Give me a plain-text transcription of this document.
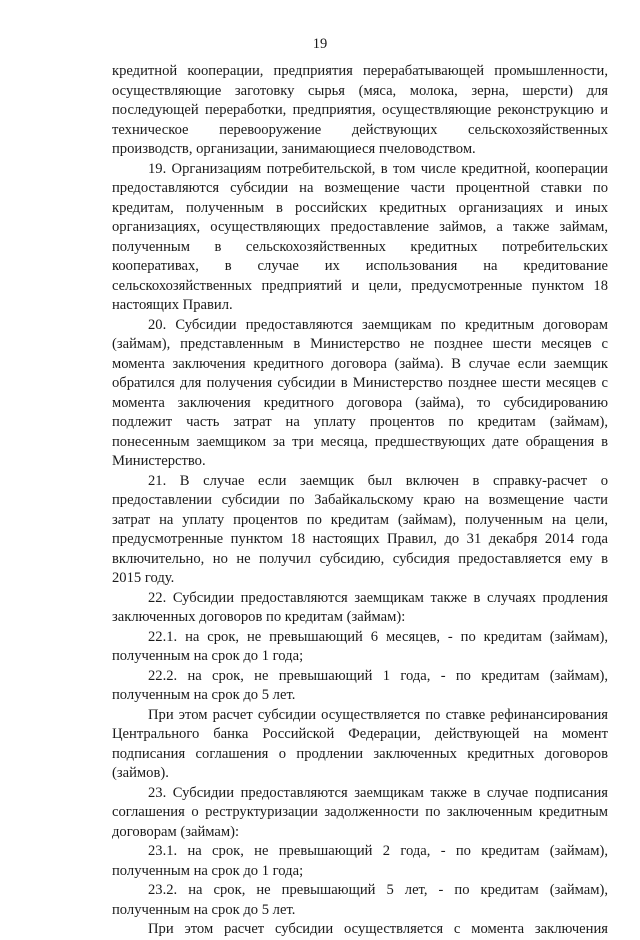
19

кредитной кооперации, предприятия перерабатывающей промышленности,
осуществляющие заготовку сырья (мяса, молока, зерна, шерсти) для
последующей переработки, предприятия, осуществляющие реконструкцию и
техническое перевооружение действующих сельскохозяйственных
производств, организации, занимающиеся пчеловодством.
19. Организациям потребительской, в том числе кредитной, кооперации
предоставляются субсидии на возмещение части процентной ставки по
кредитам, полученным в российских кредитных организациях и иных
организациях, осуществляющих предоставление займов, а также займам,
полученным в сельскохозяйственных кредитных потребительских
кооперативах, в случае их использования на кредитование
сельскохозяйственных предприятий и цели, предусмотренные пунктом 18
настоящих Правил.
20. Субсидии предоставляются заемщикам по кредитным договорам
(займам), представленным в Министерство не позднее шести месяцев с
момента заключения кредитного договора (займа). В случае если заемщик
обратился для получения субсидии в Министерство позднее шести месяцев с
момента заключения кредитного договора (займа), то субсидированию
подлежит часть затрат на уплату процентов по кредитам (займам),
понесенным заемщиком за три месяца, предшествующих дате обращения в
Министерство.
21. В случае если заемщик был включен в справку-расчет о
предоставлении субсидии по Забайкальскому краю на возмещение части
затрат на уплату процентов по кредитам (займам), полученным на цели,
предусмотренные пунктом 18 настоящих Правил, до 31 декабря 2014 года
включительно, но не получил субсидию, субсидия предоставляется ему в
2015 году.
22. Субсидии предоставляются заемщикам также в случаях продления
заключенных договоров по кредитам (займам):
22.1. на срок, не превышающий 6 месяцев, - по кредитам (займам),
полученным на срок до 1 года;
22.2. на срок, не превышающий 1 года, - по кредитам (займам),
полученным на срок до 5 лет.
При этом расчет субсидии осуществляется по ставке рефинансирования
Центрального банка Российской Федерации, действующей на момент
подписания соглашения о продлении заключенных кредитных договоров
(займов).
23. Субсидии предоставляются заемщикам также в случае подписания
соглашения о реструктуризации задолженности по заключенным кредитным
договорам (займам):
23.1. на срок, не превышающий 2 года, - по кредитам (займам),
полученным на срок до 1 года;
23.2. на срок, не превышающий 5 лет, - по кредитам (займам),
полученным на срок до 5 лет.
При этом расчет субсидии осуществляется с момента заключения
